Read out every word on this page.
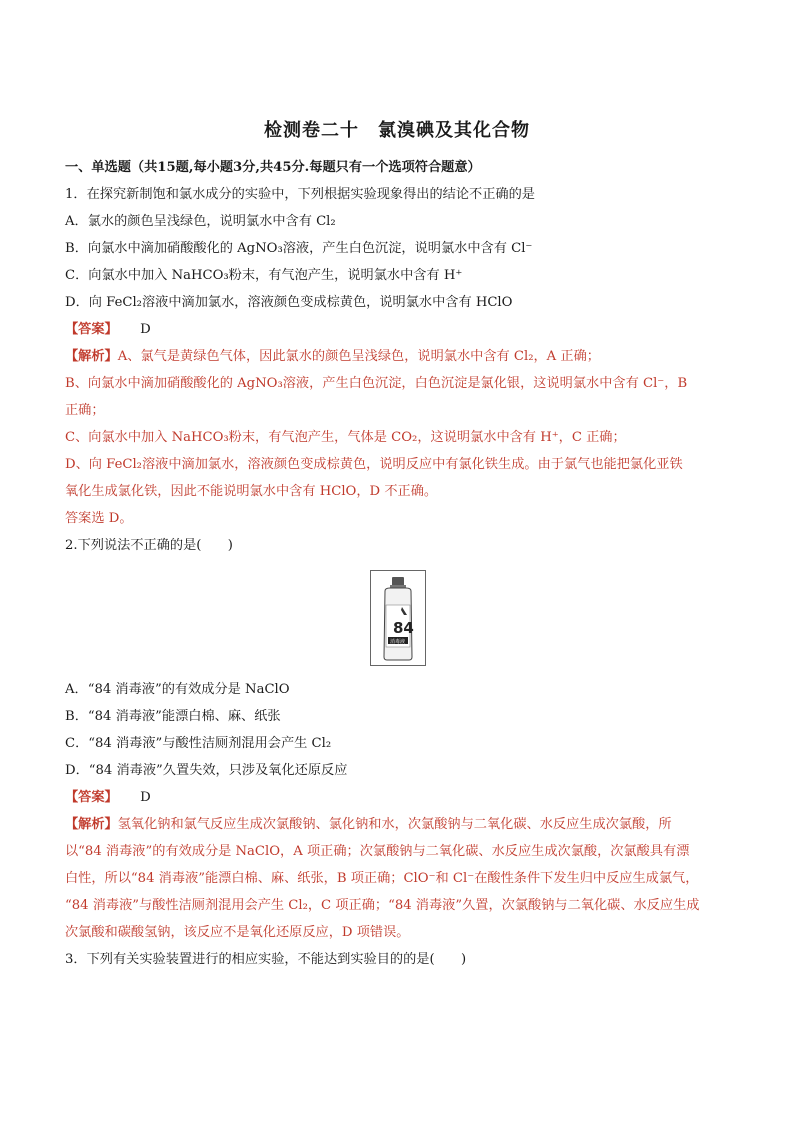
检测卷二十　氯溴碘及其化合物
一、单选题（共15题,每小题3分,共45分.每题只有一个选项符合题意）
1．在探究新制饱和氯水成分的实验中，下列根据实验现象得出的结论不正确的是
A．氯水的颜色呈浅绿色，说明氯水中含有 Cl₂
B．向氯水中滴加硝酸酸化的 AgNO₃溶液，产生白色沉淀，说明氯水中含有 Cl⁻
C．向氯水中加入 NaHCO₃粉末，有气泡产生，说明氯水中含有 H⁺
D．向 FeCl₂溶液中滴加氯水，溶液颜色变成棕黄色，说明氯水中含有 HClO
【答案】 D
【解析】A、氯气是黄绿色气体，因此氯水的颜色呈浅绿色，说明氯水中含有 Cl₂，A 正确；
B、向氯水中滴加硝酸酸化的 AgNO₃溶液，产生白色沉淀，白色沉淀是氯化银，这说明氯水中含有 Cl⁻，B
正确；
C、向氯水中加入 NaHCO₃粉末，有气泡产生，气体是 CO₂，这说明氯水中含有 H⁺，C 正确；
D、向 FeCl₂溶液中滴加氯水，溶液颜色变成棕黄色，说明反应中有氯化铁生成。由于氯气也能把氯化亚铁
氧化生成氯化铁，因此不能说明氯水中含有 HClO，D 不正确。
答案选 D。
2.下列说法不正确的是(　　)
84
消毒液
A．“84 消毒液”的有效成分是 NaClO
B．“84 消毒液”能漂白棉、麻、纸张
C．“84 消毒液”与酸性洁厕剂混用会产生 Cl₂
D．“84 消毒液”久置失效，只涉及氧化还原反应
【答案】 D
【解析】氢氧化钠和氯气反应生成次氯酸钠、氯化钠和水，次氯酸钠与二氧化碳、水反应生成次氯酸，所
以“84 消毒液”的有效成分是 NaClO，A 项正确；次氯酸钠与二氧化碳、水反应生成次氯酸，次氯酸具有漂
白性，所以“84 消毒液”能漂白棉、麻、纸张，B 项正确；ClO⁻和 Cl⁻在酸性条件下发生归中反应生成氯气，
“84 消毒液”与酸性洁厕剂混用会产生 Cl₂，C 项正确；“84 消毒液”久置，次氯酸钠与二氧化碳、水反应生成
次氯酸和碳酸氢钠，该反应不是氧化还原反应，D 项错误。
3．下列有关实验装置进行的相应实验，不能达到实验目的的是(　　)
